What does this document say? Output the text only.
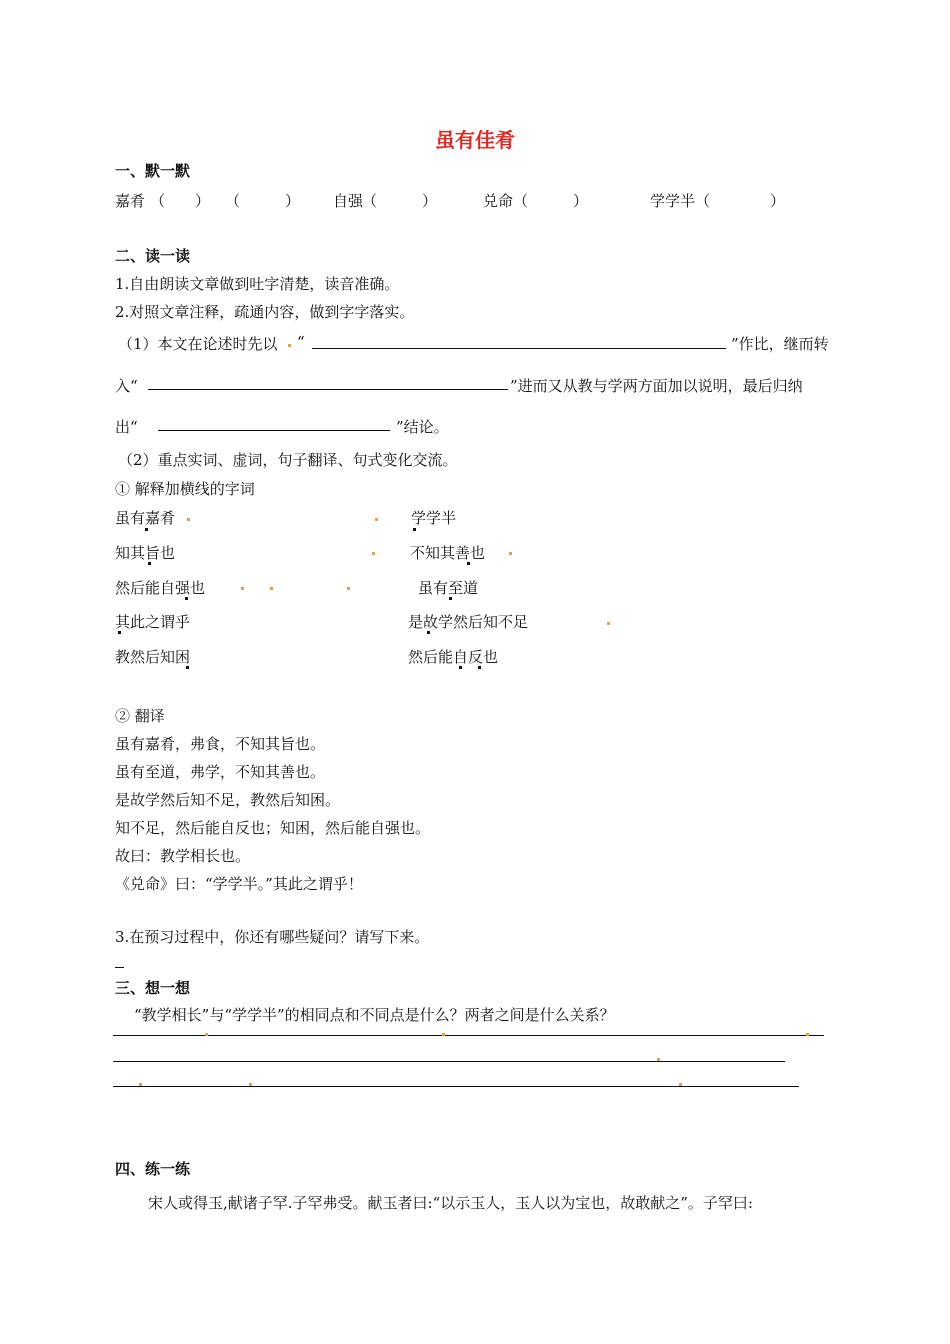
虽有佳肴
一、默一默
嘉肴 （　　） （　　　） 自强
（　　　）	兑命 （　　　）	学学半 （　　　　）
二、读一读
1.自由朗读文章做到吐字清楚，读音准确。
2.对照文章注释，疏通内容，做到字字落实。
（1）本文在论述时先以 “	”作比，继而转
入“	”进而又从教与学两方面加以说明，最后归纳
出“	”结论。
（2）重点实词、虚词，句子翻译、句式变化交流。
① 解释加横线的字词
虽有嘉肴	学学半
知其旨也	不知其善也
然后能自强也	虽有至道
其此之谓乎	是故学然后知不足
教然后知困	然后能自反也
② 翻译
虽有嘉肴，弗食，不知其旨也。
虽有至道，弗学，不知其善也。
是故学然后知不足，教然后知困。
知不足，然后能自反也；知困，然后能自强也。
故曰：教学相长也。
《兑命》曰：“学学半。”其此之谓乎！
3.在预习过程中，你还有哪些疑问？请写下来。
三、想一想
“教学相长”与“学学半”的相同点和不同点是什么？两者之间是什么关系？
四、练一练
宋人或得玉,献诸子罕.子罕弗受。献玉者曰:“以示玉人，玉人以为宝也，故敢献之”。子罕曰:
